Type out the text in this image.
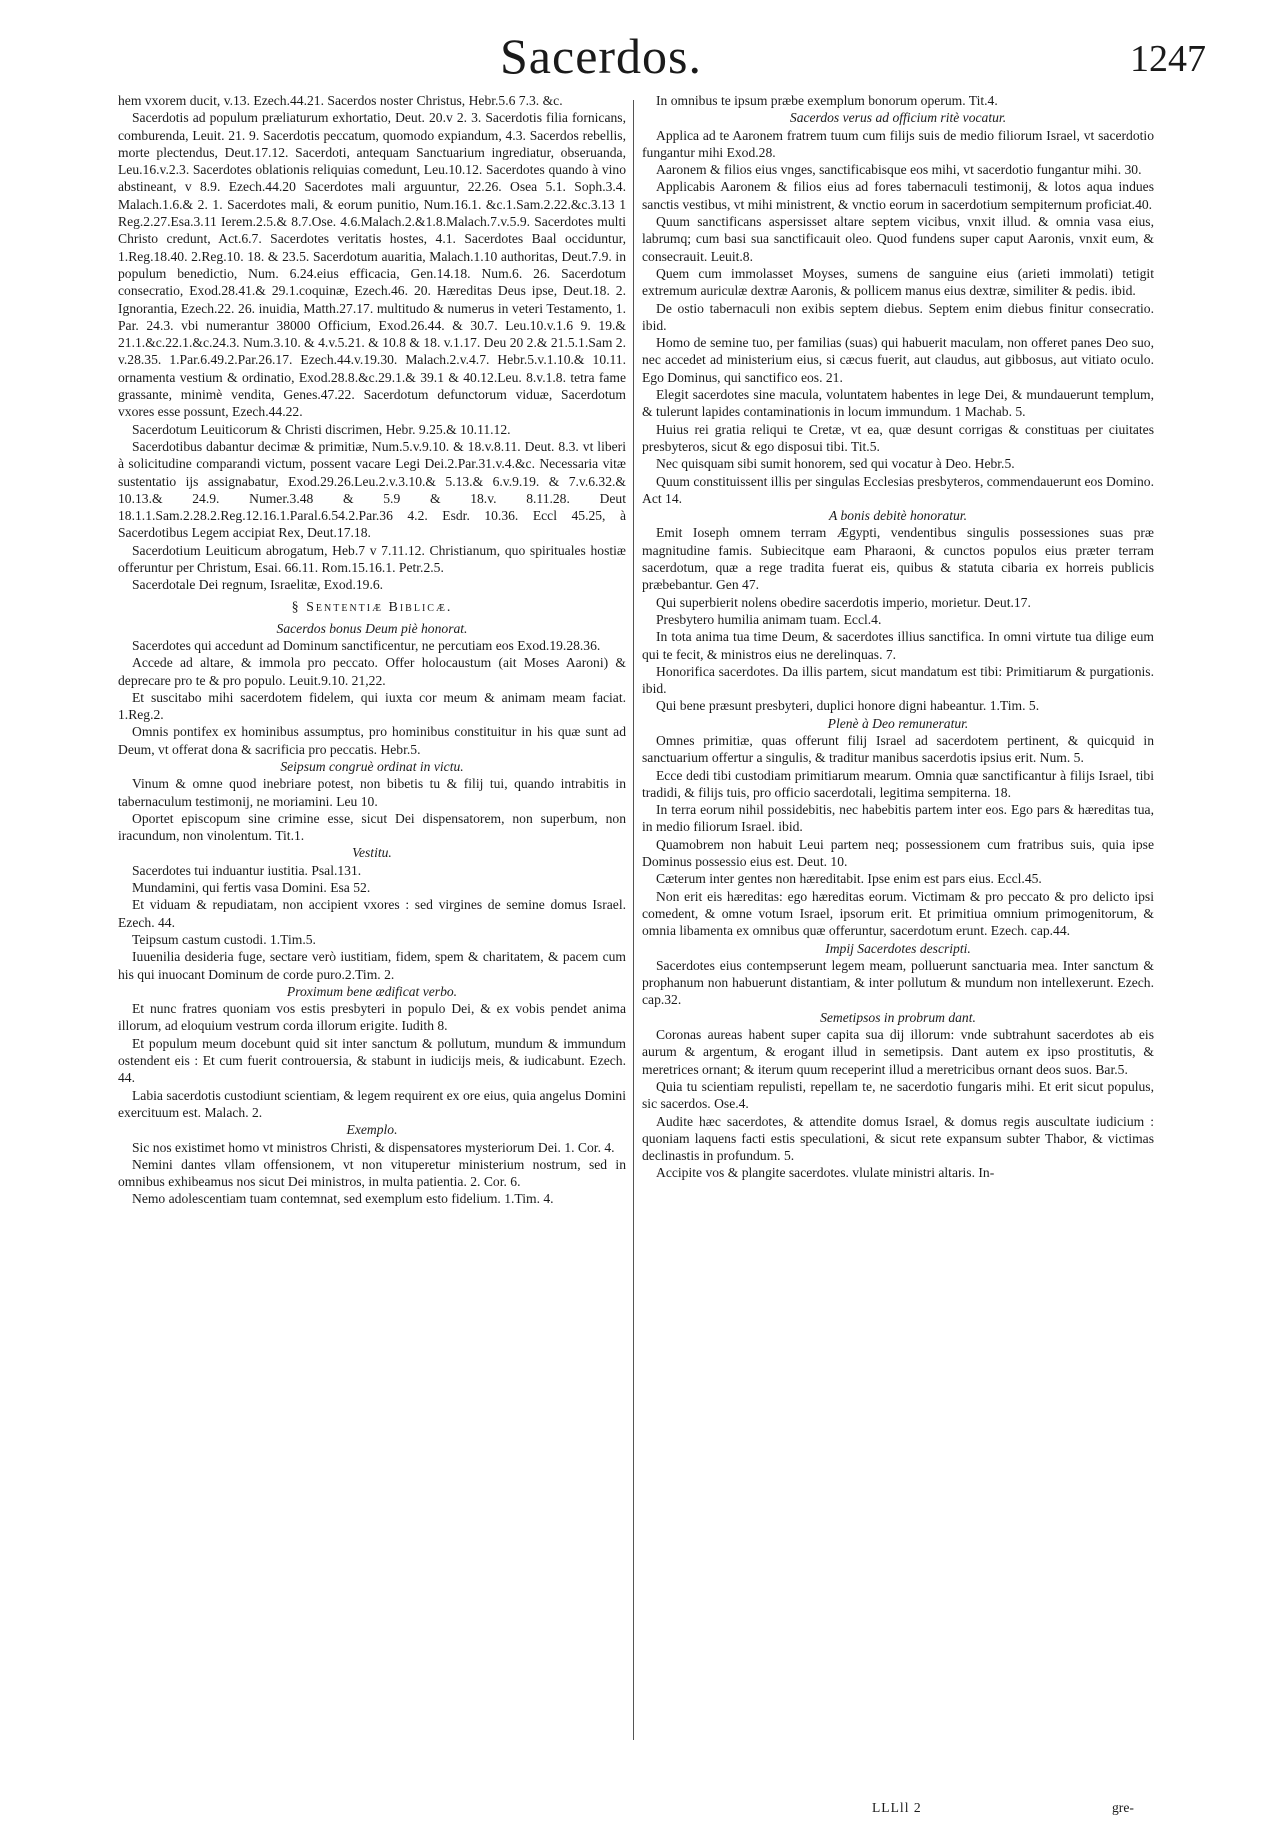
Sacerdos.	1247

hem vxorem ducit, v.13. Ezech.44.21. Sacerdos noster Christus, Hebr.5.6 7.3. &c.

Sacerdotis ad populum præliaturum exhortatio, Deut. 20.v 2. 3. Sacerdotis filia fornicans, comburenda, Leuit. 21. 9. Sacerdotis peccatum, quomodo expiandum, 4.3. Sacerdos rebellis, morte plectendus, Deut.17.12. Sacerdoti, antequam Sanctuarium ingrediatur, obseruanda, Leu.16.v.2.3. Sacerdotes oblationis reliquias comedunt, Leu.10.12. Sacerdotes quando à vino abstineant, v 8.9. Ezech.44.20 Sacerdotes mali arguuntur, 22.26. Osea 5.1. Soph.3.4. Malach.1.6.& 2. 1. Sacerdotes mali, & eorum punitio, Num.16.1. &c.1.Sam.2.22.&c.3.13 1 Reg.2.27.Esa.3.11 Ierem.2.5.& 8.7.Ose. 4.6.Malach.2.&1.8.Malach.7.v.5.9. Sacerdotes multi Christo credunt, Act.6.7. Sacerdotes veritatis hostes, 4.1. Sacerdotes Baal occiduntur, 1.Reg.18.40. 2.Reg.10. 18. & 23.5. Sacerdotum auaritia, Malach.1.10 authoritas, Deut.7.9. in populum benedictio, Num. 6.24.eius efficacia, Gen.14.18. Num.6. 26. Sacerdotum consecratio, Exod.28.41.& 29.1.coquinæ, Ezech.46. 20. Hæreditas Deus ipse, Deut.18. 2. Ignorantia, Ezech.22. 26. inuidia, Matth.27.17. multitudo & numerus in veteri Testamento, 1. Par. 24.3. vbi numerantur 38000 Officium, Exod.26.44. & 30.7. Leu.10.v.1.6 9. 19.& 21.1.&c.22.1.&c.24.3. Num.3.10. & 4.v.5.21. & 10.8 & 18. v.1.17. Deu 20 2.& 21.5.1.Sam 2. v.28.35. 1.Par.6.49.2.Par.26.17. Ezech.44.v.19.30. Malach.2.v.4.7. Hebr.5.v.1.10.& 10.11. ornamenta vestium & ordinatio, Exod.28.8.&c.29.1.& 39.1 & 40.12.Leu. 8.v.1.8. tetra fame grassante, minimè vendita, Genes.47.22. Sacerdotum defunctorum viduæ, Sacerdotum vxores esse possunt, Ezech.44.22.

Sacerdotum Leuiticorum & Christi discrimen, Hebr. 9.25.& 10.11.12.

Sacerdotibus dabantur decimæ & primitiæ, Num.5.v.9.10. & 18.v.8.11. Deut. 8.3. vt liberi à solicitudine comparandi victum, possent vacare Legi Dei.2.Par.31.v.4.&c. Necessaria vitæ sustentatio ijs assignabatur, Exod.29.26.Leu.2.v.3.10.& 5.13.& 6.v.9.19. & 7.v.6.32.& 10.13.& 24.9. Numer.3.48 & 5.9 & 18.v. 8.11.28. Deut 18.1.1.Sam.2.28.2.Reg.12.16.1.Paral.6.54.2.Par.36 4.2. Esdr. 10.36. Eccl 45.25, à Sacerdotibus Legem accipiat Rex, Deut.17.18.

Sacerdotium Leuiticum abrogatum, Heb.7 v 7.11.12. Christianum, quo spirituales hostiæ offeruntur per Christum, Esai. 66.11. Rom.15.16.1. Petr.2.5.

Sacerdotale Dei regnum, Israelitæ, Exod.19.6.

§ Sententiæ Biblicæ.

Sacerdos bonus Deum piè honorat.

Sacerdotes qui accedunt ad Dominum sanctificentur, ne percutiam eos Exod.19.28.36.

Accede ad altare, & immola pro peccato. Offer holocaustum (ait Moses Aaroni) & deprecare pro te & pro populo. Leuit.9.10. 21,22.

Et suscitabo mihi sacerdotem fidelem, qui iuxta cor meum & animam meam faciat. 1.Reg.2.

Omnis pontifex ex hominibus assumptus, pro hominibus constituitur in his quæ sunt ad Deum, vt offerat dona & sacrificia pro peccatis. Hebr.5.

Seipsum congruè ordinat in victu.

Vinum & omne quod inebriare potest, non bibetis tu & filij tui, quando intrabitis in tabernaculum testimonij, ne moriamini. Leu 10.

Oportet episcopum sine crimine esse, sicut Dei dispensatorem, non superbum, non iracundum, non vinolentum. Tit.1.

Vestitu.

Sacerdotes tui induantur iustitia. Psal.131.

Mundamini, qui fertis vasa Domini. Esa 52.

Et viduam & repudiatam, non accipient vxores : sed virgines de semine domus Israel. Ezech. 44.

Teipsum castum custodi. 1.Tim.5.

Iuuenilia desideria fuge, sectare verò iustitiam, fidem, spem & charitatem, & pacem cum his qui inuocant Dominum de corde puro.2.Tim. 2.

Proximum bene ædificat verbo.

Et nunc fratres quoniam vos estis presbyteri in populo Dei, & ex vobis pendet anima illorum, ad eloquium vestrum corda illorum erigite. Iudith 8.

Et populum meum docebunt quid sit inter sanctum & pollutum, mundum & immundum ostendent eis : Et cum fuerit controuersia, & stabunt in iudicijs meis, & iudicabunt. Ezech. 44.

Labia sacerdotis custodiunt scientiam, & legem requirent ex ore eius, quia angelus Domini exercituum est. Malach. 2.

Exemplo.

Sic nos existimet homo vt ministros Christi, & dispensatores mysteriorum Dei. 1. Cor. 4.

Nemini dantes vllam offensionem, vt non vituperetur ministerium nostrum, sed in omnibus exhibeamus nos sicut Dei ministros, in multa patientia. 2. Cor. 6.

Nemo adolescentiam tuam contemnat, sed exemplum esto fidelium. 1.Tim. 4.

In omnibus te ipsum præbe exemplum bonorum operum. Tit.4.

Sacerdos verus ad officium ritè vocatur.

Applica ad te Aaronem fratrem tuum cum filijs suis de medio filiorum Israel, vt sacerdotio fungantur mihi Exod.28.

Aaronem & filios eius vnges, sanctificabisque eos mihi, vt sacerdotio fungantur mihi. 30.

Applicabis Aaronem & filios eius ad fores tabernaculi testimonij, & lotos aqua indues sanctis vestibus, vt mihi ministrent, & vnctio eorum in sacerdotium sempiternum proficiat.40.

Quum sanctificans aspersisset altare septem vicibus, vnxit illud. & omnia vasa eius, labrumq; cum basi sua sanctificauit oleo. Quod fundens super caput Aaronis, vnxit eum, & consecrauit. Leuit.8.

Quem cum immolasset Moyses, sumens de sanguine eius (arieti immolati) tetigit extremum auriculæ dextræ Aaronis, & pollicem manus eius dextræ, similiter & pedis. ibid.

De ostio tabernaculi non exibis septem diebus. Septem enim diebus finitur consecratio. ibid.

Homo de semine tuo, per familias (suas) qui habuerit maculam, non offeret panes Deo suo, nec accedet ad ministerium eius, si cæcus fuerit, aut claudus, aut gibbosus, aut vitiato oculo. Ego Dominus, qui sanctifico eos. 21.

Elegit sacerdotes sine macula, voluntatem habentes in lege Dei, & mundauerunt templum, & tulerunt lapides contaminationis in locum immundum. 1 Machab. 5.

Huius rei gratia reliqui te Cretæ, vt ea, quæ desunt corrigas & constituas per ciuitates presbyteros, sicut & ego disposui tibi. Tit.5.

Nec quisquam sibi sumit honorem, sed qui vocatur à Deo. Hebr.5.

Quum constituissent illis per singulas Ecclesias presbyteros, commendauerunt eos Domino. Act 14.

A bonis debitè honoratur.

Emit Ioseph omnem terram Ægypti, vendentibus singulis possessiones suas præ magnitudine famis. Subiecitque eam Pharaoni, & cunctos populos eius præter terram sacerdotum, quæ a rege tradita fuerat eis, quibus & statuta cibaria ex horreis publicis præbebantur. Gen 47.

Qui superbierit nolens obedire sacerdotis imperio, morietur. Deut.17.

Presbytero humilia animam tuam. Eccl.4.

In tota anima tua time Deum, & sacerdotes illius sanctifica. In omni virtute tua dilige eum qui te fecit, & ministros eius ne derelinquas. 7.

Honorifica sacerdotes. Da illis partem, sicut mandatum est tibi: Primitiarum & purgationis. ibid.

Qui bene præsunt presbyteri, duplici honore digni habeantur. 1.Tim. 5.

Plenè à Deo remuneratur.

Omnes primitiæ, quas offerunt filij Israel ad sacerdotem pertinent, & quicquid in sanctuarium offertur a singulis, & traditur manibus sacerdotis ipsius erit. Num. 5.

Ecce dedi tibi custodiam primitiarum mearum. Omnia quæ sanctificantur à filijs Israel, tibi tradidi, & filijs tuis, pro officio sacerdotali, legitima sempiterna. 18.

In terra eorum nihil possidebitis, nec habebitis partem inter eos. Ego pars & hæreditas tua, in medio filiorum Israel. ibid.

Quamobrem non habuit Leui partem neq; possessionem cum fratribus suis, quia ipse Dominus possessio eius est. Deut. 10.

Cæterum inter gentes non hæreditabit. Ipse enim est pars eius. Eccl.45.

Non erit eis hæreditas: ego hæreditas eorum. Victimam & pro peccato & pro delicto ipsi comedent, & omne votum Israel, ipsorum erit. Et primitiua omnium primogenitorum, & omnia libamenta ex omnibus quæ offeruntur, sacerdotum erunt. Ezech. cap.44.

Impij Sacerdotes descripti.

Sacerdotes eius contempserunt legem meam, polluerunt sanctuaria mea. Inter sanctum & prophanum non habuerunt distantiam, & inter pollutum & mundum non intellexerunt. Ezech. cap.32.

Semetipsos in probrum dant.

Coronas aureas habent super capita sua dij illorum: vnde subtrahunt sacerdotes ab eis aurum & argentum, & erogant illud in semetipsis. Dant autem ex ipso prostitutis, & meretrices ornant; & iterum quum receperint illud a meretricibus ornant deos suos. Bar.5.

Quia tu scientiam repulisti, repellam te, ne sacerdotio fungaris mihi. Et erit sicut populus, sic sacerdos. Ose.4.

Audite hæc sacerdotes, & attendite domus Israel, & domus regis auscultate iudicium : quoniam laquens facti estis speculationi, & sicut rete expansum subter Thabor, & victimas declinastis in profundum. 5.

Accipite vos & plangite sacerdotes. vlulate ministri altaris. In-

LLLll 2	gre-
